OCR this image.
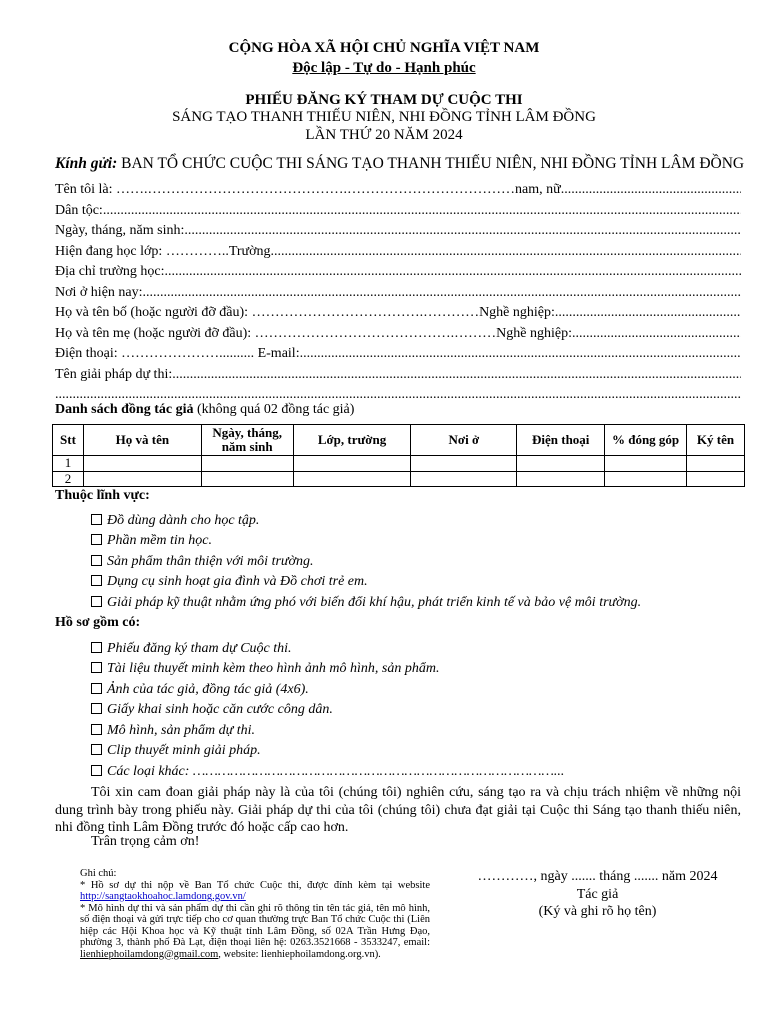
CỘNG HÒA XÃ HỘI CHỦ NGHĨA VIỆT NAM
Độc lập - Tự do - Hạnh phúc
PHIẾU ĐĂNG KÝ THAM DỰ CUỘC THI
SÁNG TẠO THANH THIẾU NIÊN, NHI ĐỒNG TỈNH LÂM ĐỒNG
LẦN THỨ 20 NĂM 2024
Kính gửi: BAN TỔ CHỨC CUỘC THI SÁNG TẠO THANH THIẾU NIÊN, NHI ĐỒNG TỈNH LÂM ĐỒNG
Tên tôi là: …….…………………………………….………………………………nam, nữ
.....
Dân tộc:
.....
Ngày, tháng, năm sinh:
.....
Hiện đang học lớp: …………..Trường
.....
Địa chỉ trường học:
.....
Nơi ở hiện nay:
.....
Họ và tên bố (hoặc người đỡ đầu): ……………………………….…………Nghề nghiệp:
.....
Họ và tên mẹ (hoặc người đỡ đầu): …………………………………….………Nghề nghiệp:
.....
Điện thoại: ………………….......... E-mail:
.....
Tên giải pháp dự thi:
.....
.....
Danh sách đồng tác giả (không quá 02 đồng tác giả)
Stt	Họ và tên	Ngày, tháng, năm sinh	Lớp, trường	Nơi ở	Điện thoại	% đóng góp	Ký tên
1							
2							
Thuộc lĩnh vực:
Đồ dùng dành cho học tập.
Phần mềm tin học.
Sản phẩm thân thiện với môi trường.
Dụng cụ sinh hoạt gia đình và Đồ chơi trẻ em.
Giải pháp kỹ thuật nhằm ứng phó với biến đổi khí hậu, phát triển kinh tế và bảo vệ môi trường.
Hồ sơ gồm có:
Phiếu đăng ký tham dự Cuộc thi.
Tài liệu thuyết minh kèm theo hình ảnh mô hình, sản phẩm.
Ảnh của tác giả, đồng tác giả (4x6).
Giấy khai sinh hoặc căn cước công dân.
Mô hình, sản phẩm dự thi.
Clip thuyết minh giải pháp.
Các loại khác: ……………………………………………………………………………...
Tôi xin cam đoan giải pháp này là của tôi (chúng tôi) nghiên cứu, sáng tạo ra và chịu trách nhiệm về những nội dung trình bày trong phiếu này. Giải pháp dự thi của tôi (chúng tôi) chưa đạt giải tại Cuộc thi Sáng tạo thanh thiếu niên, nhi đồng tỉnh Lâm Đồng trước đó hoặc cấp cao hơn.
Trân trọng cảm ơn!
Ghi chú:
* Hồ sơ dự thi nộp về Ban Tổ chức Cuộc thi, được đính kèm tại website http://sangtaokhoahoc.lamdong.gov.vn/
* Mô hình dự thi và sản phẩm dự thi cần ghi rõ thông tin tên tác giả, tên mô hình, số điện thoại và gửi trực tiếp cho cơ quan thường trực Ban Tổ chức Cuộc thi (Liên hiệp các Hội Khoa học và Kỹ thuật tỉnh Lâm Đồng, số 02A Trần Hưng Đạo, phường 3, thành phố Đà Lạt, điện thoại liên hệ: 0263.3521668 - 3533247, email: lienhiephoilamdong@gmail.com, website: lienhiephoilamdong.org.vn).
…………, ngày ....... tháng ....... năm 2024
Tác giả
(Ký và ghi rõ họ tên)
